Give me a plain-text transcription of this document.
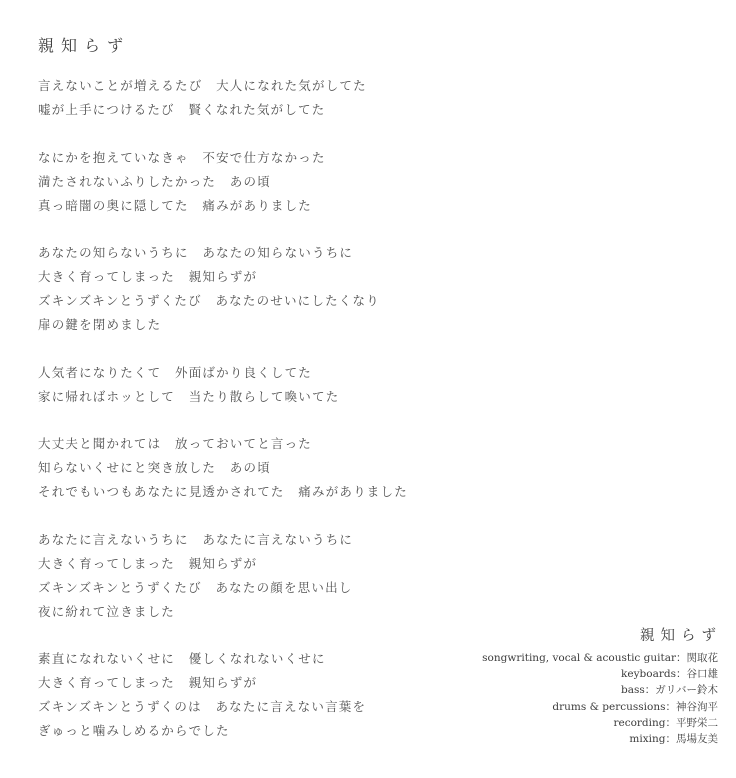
親知らず
言えないことが増えるたび　大人になれた気がしてた
嘘が上手につけるたび　賢くなれた気がしてた
なにかを抱えていなきゃ　不安で仕方なかった
満たされないふりしたかった　あの頃
真っ暗闇の奥に隠してた　痛みがありました
あなたの知らないうちに　あなたの知らないうちに
大きく育ってしまった　親知らずが
ズキンズキンとうずくたび　あなたのせいにしたくなり
扉の鍵を閉めました
人気者になりたくて　外面ばかり良くしてた
家に帰ればホッとして　当たり散らして喚いてた
大丈夫と聞かれては　放っておいてと言った
知らないくせにと突き放した　あの頃
それでもいつもあなたに見透かされてた　痛みがありました
あなたに言えないうちに　あなたに言えないうちに
大きく育ってしまった　親知らずが
ズキンズキンとうずくたび　あなたの顔を思い出し
夜に紛れて泣きました
素直になれないくせに　優しくなれないくせに
大きく育ってしまった　親知らずが
ズキンズキンとうずくのは　あなたに言えない言葉を
ぎゅっと噛みしめるからでした
親知らず
songwriting, vocal & acoustic guitar：関取花
keyboards：谷口雄
bass：ガリバー鈴木
drums & percussions：神谷洵平
recording：平野栄二
mixing：馬場友美
